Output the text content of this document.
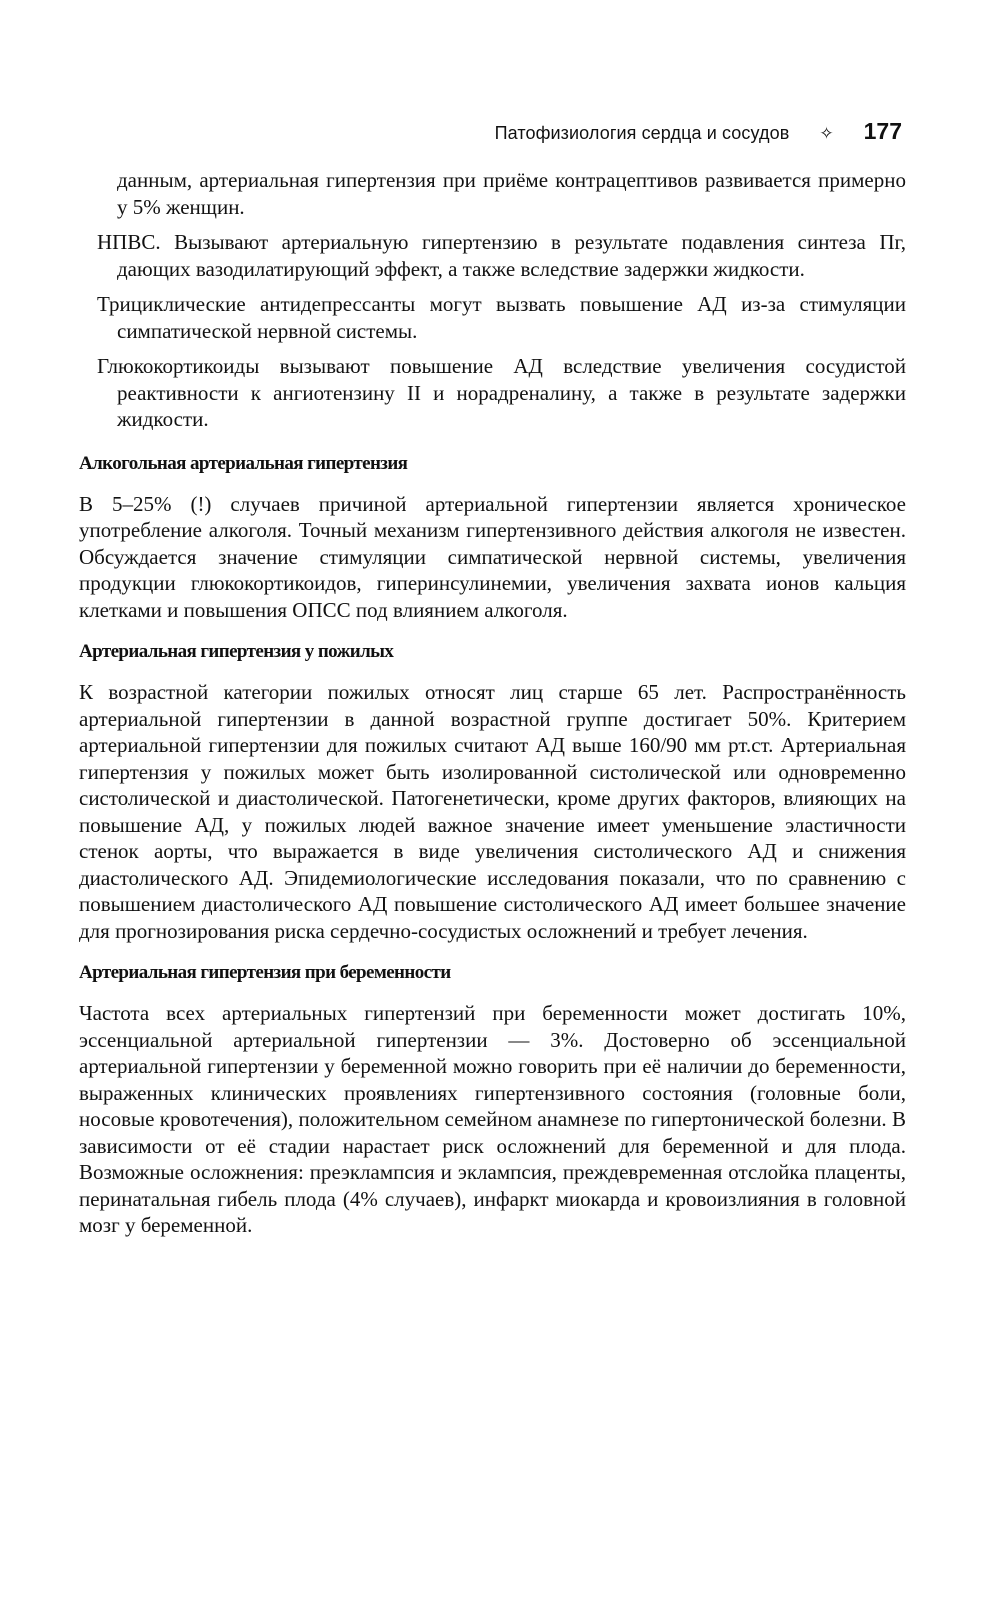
Патофизиология сердца и сосудов ✧ 177

данным, артериальная гипертензия при приёме контрацептивов развивается примерно у 5% женщин.

НПВС. Вызывают артериальную гипертензию в результате подавления синтеза Пг, дающих вазодилатирующий эффект, а также вследствие задержки жидкости.

Трициклические антидепрессанты могут вызвать повышение АД из-за стимуляции симпатической нервной системы.

Глюкокортикоиды вызывают повышение АД вследствие увеличения сосудистой реактивности к ангиотензину II и норадреналину, а также в результате задержки жидкости.

Алкогольная артериальная гипертензия

В 5–25% (!) случаев причиной артериальной гипертензии является хроническое употребление алкоголя. Точный механизм гипертензивного действия алкоголя не известен. Обсуждается значение стимуляции симпатической нервной системы, увеличения продукции глюкокортикоидов, гиперинсулинемии, увеличения захвата ионов кальция клетками и повышения ОПСС под влиянием алкоголя.

Артериальная гипертензия у пожилых

К возрастной категории пожилых относят лиц старше 65 лет. Распространённость артериальной гипертензии в данной возрастной группе достигает 50%. Критерием артериальной гипертензии для пожилых считают АД выше 160/90 мм рт.ст. Артериальная гипертензия у пожилых может быть изолированной систолической или одновременно систолической и диастолической. Патогенетически, кроме других факторов, влияющих на повышение АД, у пожилых людей важное значение имеет уменьшение эластичности стенок аорты, что выражается в виде увеличения систолического АД и снижения диастолического АД. Эпидемиологические исследования показали, что по сравнению с повышением диастолического АД повышение систолического АД имеет большее значение для прогнозирования риска сердечно-сосудистых осложнений и требует лечения.

Артериальная гипертензия при беременности

Частота всех артериальных гипертензий при беременности может достигать 10%, эссенциальной артериальной гипертензии — 3%. Достоверно об эссенциальной артериальной гипертензии у беременной можно говорить при её наличии до беременности, выраженных клинических проявлениях гипертензивного состояния (головные боли, носовые кровотечения), положительном семейном анамнезе по гипертонической болезни. В зависимости от её стадии нарастает риск осложнений для беременной и для плода. Возможные осложнения: преэклампсия и эклампсия, преждевременная отслойка плаценты, перинатальная гибель плода (4% случаев), инфаркт миокарда и кровоизлияния в головной мозг у беременной.
